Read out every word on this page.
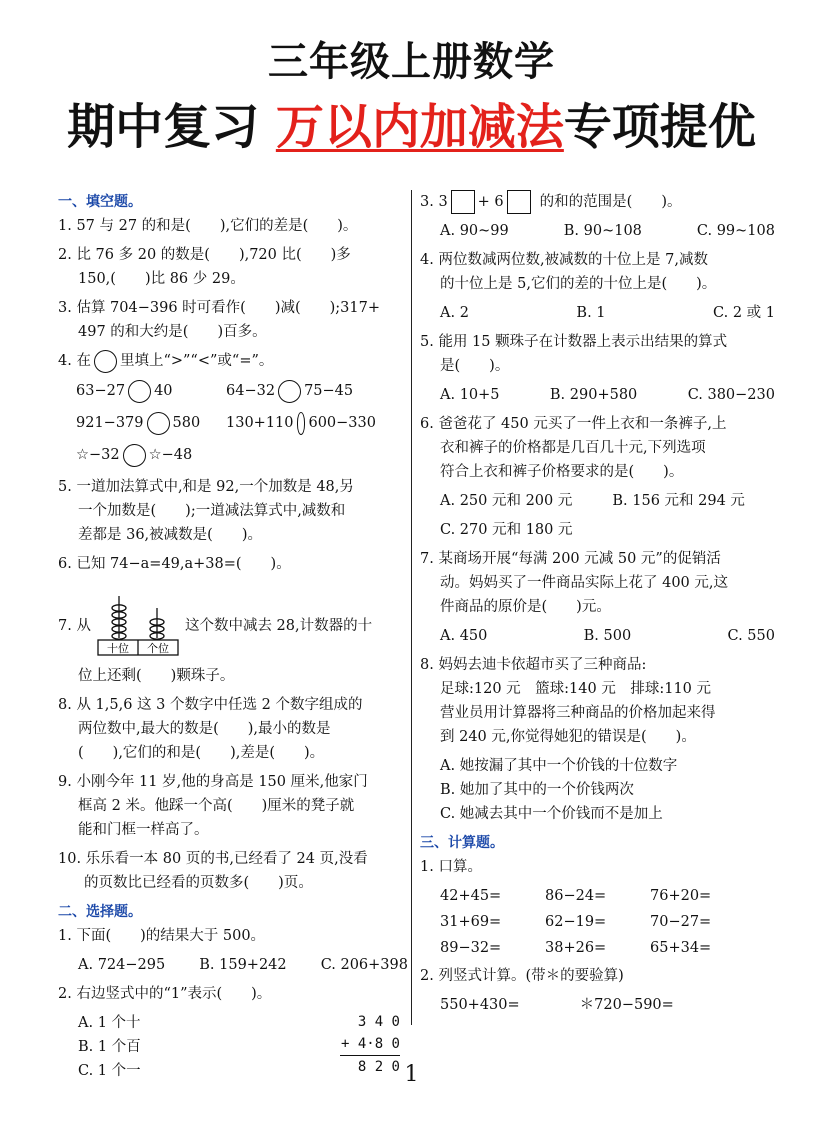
三年级上册数学
期中复习 万以内加减法专项提优
一、填空题。
1. 57 与 27 的和是(　　),它们的差是(　　)。
2. 比 76 多 20 的数是(　　),720 比(　　)多
150,(　　)比 86 少 29。
3. 估算 704−396 时可看作(　　)减(　　);317+
497 的和大约是(　　)百多。
4. 在 里填上“>”“<”或“=”。
63−27 40	64−32 75−45
921−379 580 130+110 600−330
☆−32 ☆−48
5. 一道加法算式中,和是 92,一个加数是 48,另
一个加数是(　　);一道减法算式中,减数和
差都是 36,被减数是(　　)。
6. 已知 74−a=49,a+38=(　　)。
7. 从
十位 个位
这个数中减去 28,计数器的十
位上还剩(　　)颗珠子。
8. 从 1,5,6 这 3 个数字中任选 2 个数字组成的
两位数中,最大的数是(　　),最小的数是
(　　),它们的和是(　　),差是(　　)。
9. 小刚今年 11 岁,他的身高是 150 厘米,他家门
框高 2 米。他踩一个高(　　)厘米的凳子就
能和门框一样高了。
10. 乐乐看一本 80 页的书,已经看了 24 页,没看
的页数比已经看的页数多(　　)页。
二、选择题。
1. 下面(　　)的结果大于 500。
A. 724−295 B. 159+242 C. 206+398
2. 右边竖式中的“1”表示(　　)。
A. 1 个十
B. 1 个百
C. 1 个一
3 4 0
+ 4·8 0
8 2 0
3. 3 + 6 的和的范围是(　　)。
A. 90~99	B. 90~108	C. 99~108
4. 两位数减两位数,被减数的十位上是 7,减数
的十位上是 5,它们的差的十位上是(　　)。
A. 2	B. 1	C. 2 或 1
5. 能用 15 颗珠子在计数器上表示出结果的算式
是(　　)。
A. 10+5	B. 290+580	C. 380−230
6. 爸爸花了 450 元买了一件上衣和一条裤子,上
衣和裤子的价格都是几百几十元,下列选项
符合上衣和裤子价格要求的是(　　)。
A. 250 元和 200 元	B. 156 元和 294 元
C. 270 元和 180 元
7. 某商场开展“每满 200 元减 50 元”的促销活
动。妈妈买了一件商品实际上花了 400 元,这
件商品的原价是(　　)元。
A. 450	B. 500	C. 550
8. 妈妈去迪卡依超市买了三种商品:
足球:120 元　篮球:140 元　排球:110 元
营业员用计算器将三种商品的价格加起来得
到 240 元,你觉得她犯的错误是(　　)。
A. 她按漏了其中一个价钱的十位数字
B. 她加了其中的一个价钱两次
C. 她减去其中一个价钱而不是加上
三、计算题。
1. 口算。
42+45=	86−24=	76+20=
31+69=	62−19=	70−27=
89−32=	38+26=	65+34=
2. 列竖式计算。(带＊的要验算)
550+430=	＊720−590=
1
